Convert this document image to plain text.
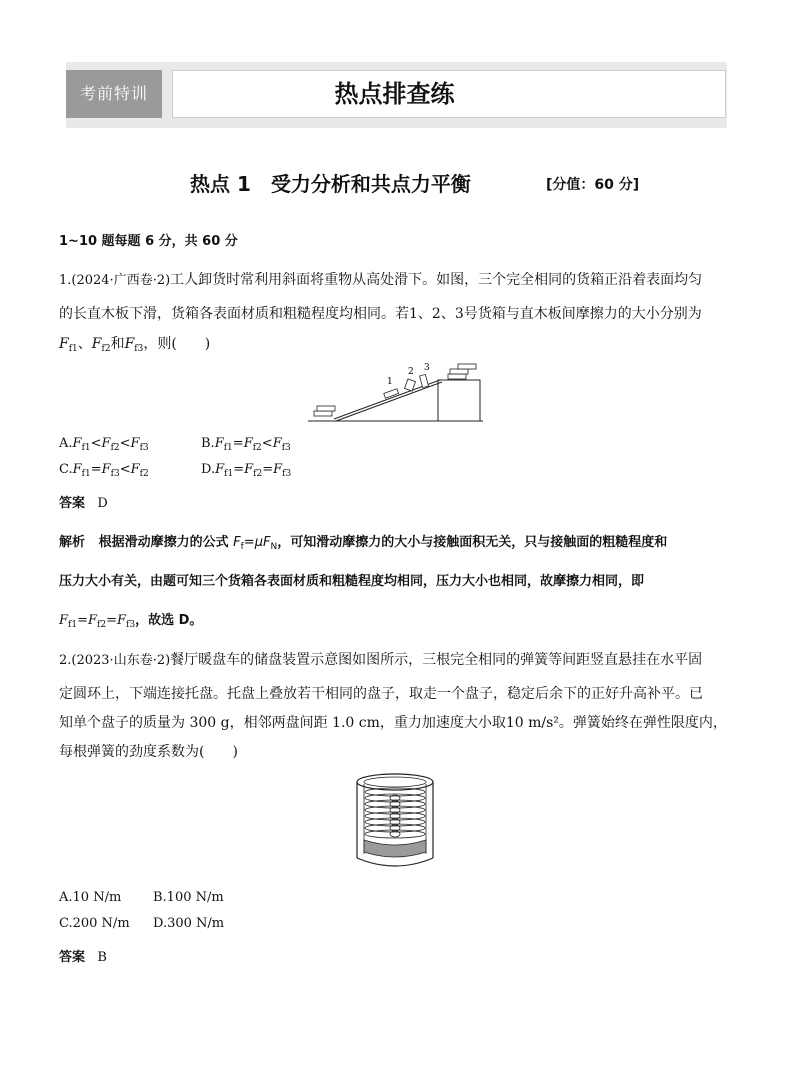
考前特训	热点排查练
热点 1　受力分析和共点力平衡	[分值：60 分]
1~10 题每题 6 分，共 60 分
1.(2024·广西卷·2)工人卸货时常利用斜面将重物从高处滑下。如图，三个完全相同的货箱正沿着表面均匀
的长直木板下滑，货箱各表面材质和粗糙程度均相同。若1、2、3号货箱与直木板间摩擦力的大小分别为
$F_{f1}$、$F_{f2}$和$F_{f3}$，则(　　)
1
2 3
$A.F_{f1}<F_{f2}<F_{f3}$	$B.F_{f1}=F_{f2}<F_{f3}$
$C.F_{f1}=F_{f3}<F_{f2}$	$D.F_{f1}=F_{f2}=F_{f3}$
答案 D
解析 根据滑动摩擦力的公式 $F_f=\mu F_N$，可知滑动摩擦力的大小与接触面积无关，只与接触面的粗糙程度和
压力大小有关，由题可知三个货箱各表面材质和粗糙程度均相同，压力大小也相同，故摩擦力相同，即
$F_{f1}=F_{f2}=F_{f3}$，故选 D。
2.(2023·山东卷·2)餐厅暖盘车的储盘装置示意图如图所示，三根完全相同的弹簧等间距竖直悬挂在水平固
定圆环上，下端连接托盘。托盘上叠放若干相同的盘子，取走一个盘子，稳定后余下的正好升高补平。已
知单个盘子的质量为 300 g，相邻两盘间距 1.0 cm，重力加速度大小取10 m/s²。弹簧始终在弹性限度内，
每根弹簧的劲度系数为(　　)
A.10 N/m B.100 N/m
C.200 N/m D.300 N/m
答案 B
